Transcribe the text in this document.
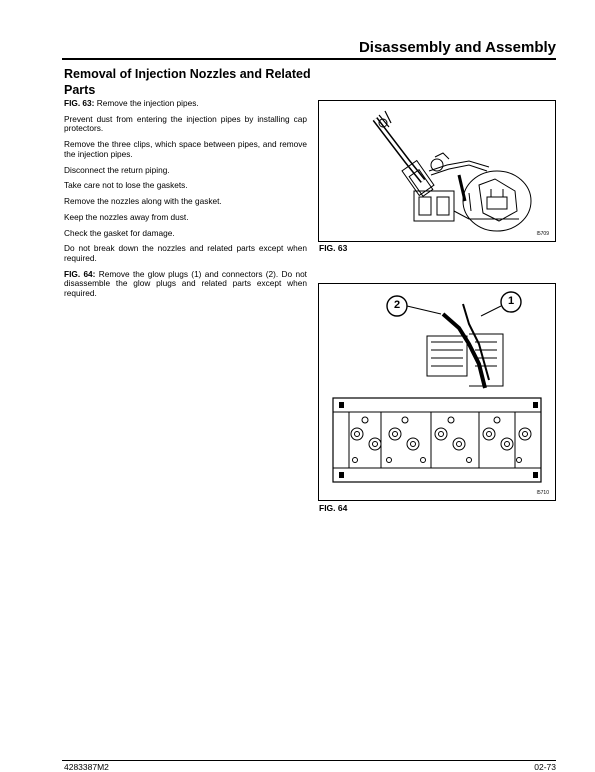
Disassembly and Assembly
Removal of Injection Nozzles and Related Parts

FIG. 63: Remove the injection pipes.

Prevent dust from entering the injection pipes by installing cap protectors.

Remove the three clips, which space between pipes, and remove the injection pipes.

Disconnect the return piping.

Take care not to lose the gaskets.

Remove the nozzles along with the gasket.

Keep the nozzles away from dust.

Check the gasket for damage.

Do not break down the nozzles and related parts except when required.

FIG. 64: Remove the glow plugs (1) and connectors (2). Do not disassemble the glow plugs and related parts except when required.

I5709
FIG. 63
2	1
I5710
FIG. 64
4283387M2	02-73
